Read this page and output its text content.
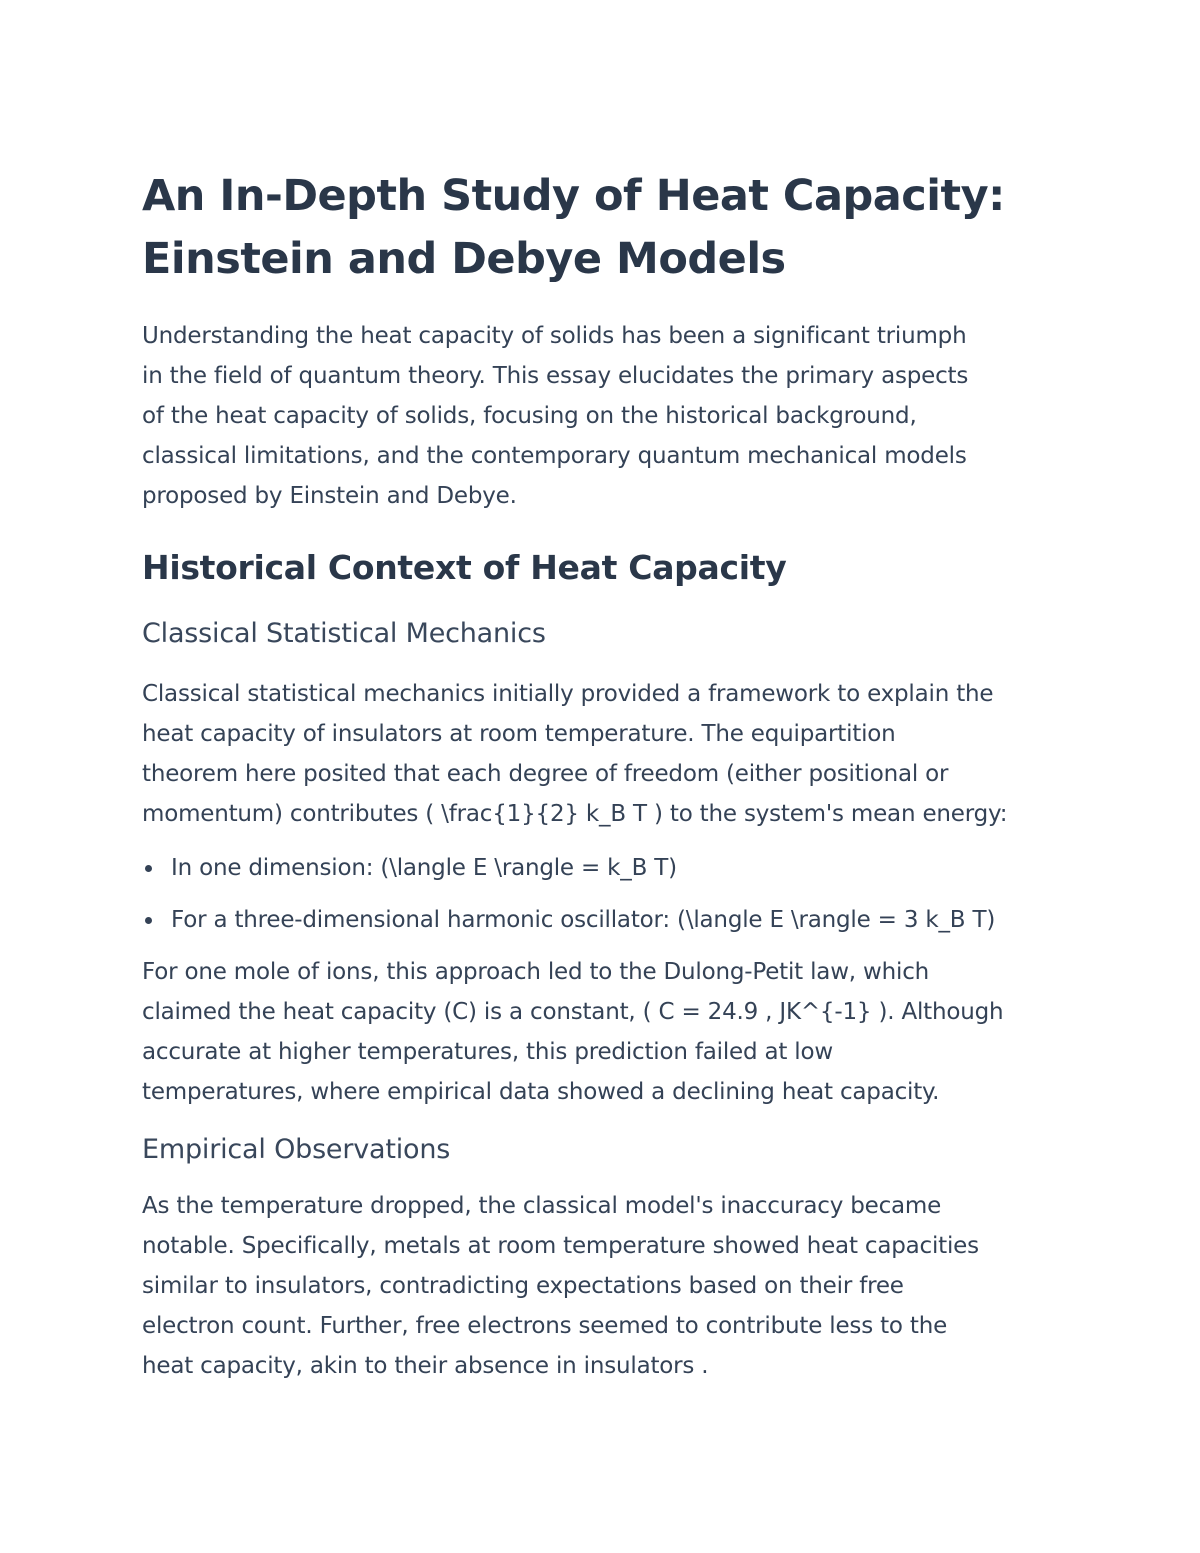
An In-Depth Study of Heat Capacity:
Einstein and Debye Models

Understanding the heat capacity of solids has been a significant triumph
in the field of quantum theory. This essay elucidates the primary aspects
of the heat capacity of solids, focusing on the historical background,
classical limitations, and the contemporary quantum mechanical models
proposed by Einstein and Debye.

Historical Context of Heat Capacity
Classical Statistical Mechanics

Classical statistical mechanics initially provided a framework to explain the
heat capacity of insulators at room temperature. The equipartition
theorem here posited that each degree of freedom (either positional or
momentum) contributes ( \frac{1}{2} k_B T ) to the system's mean energy:

In one dimension: (\langle E \rangle = k_B T)
For a three-dimensional harmonic oscillator: (\langle E \rangle = 3 k_B T)

For one mole of ions, this approach led to the Dulong-Petit law, which
claimed the heat capacity (C) is a constant, ( C = 24.9 , JK^{-1} ). Although
accurate at higher temperatures, this prediction failed at low
temperatures, where empirical data showed a declining heat capacity.

Empirical Observations

As the temperature dropped, the classical model's inaccuracy became
notable. Specifically, metals at room temperature showed heat capacities
similar to insulators, contradicting expectations based on their free
electron count. Further, free electrons seemed to contribute less to the
heat capacity, akin to their absence in insulators .
